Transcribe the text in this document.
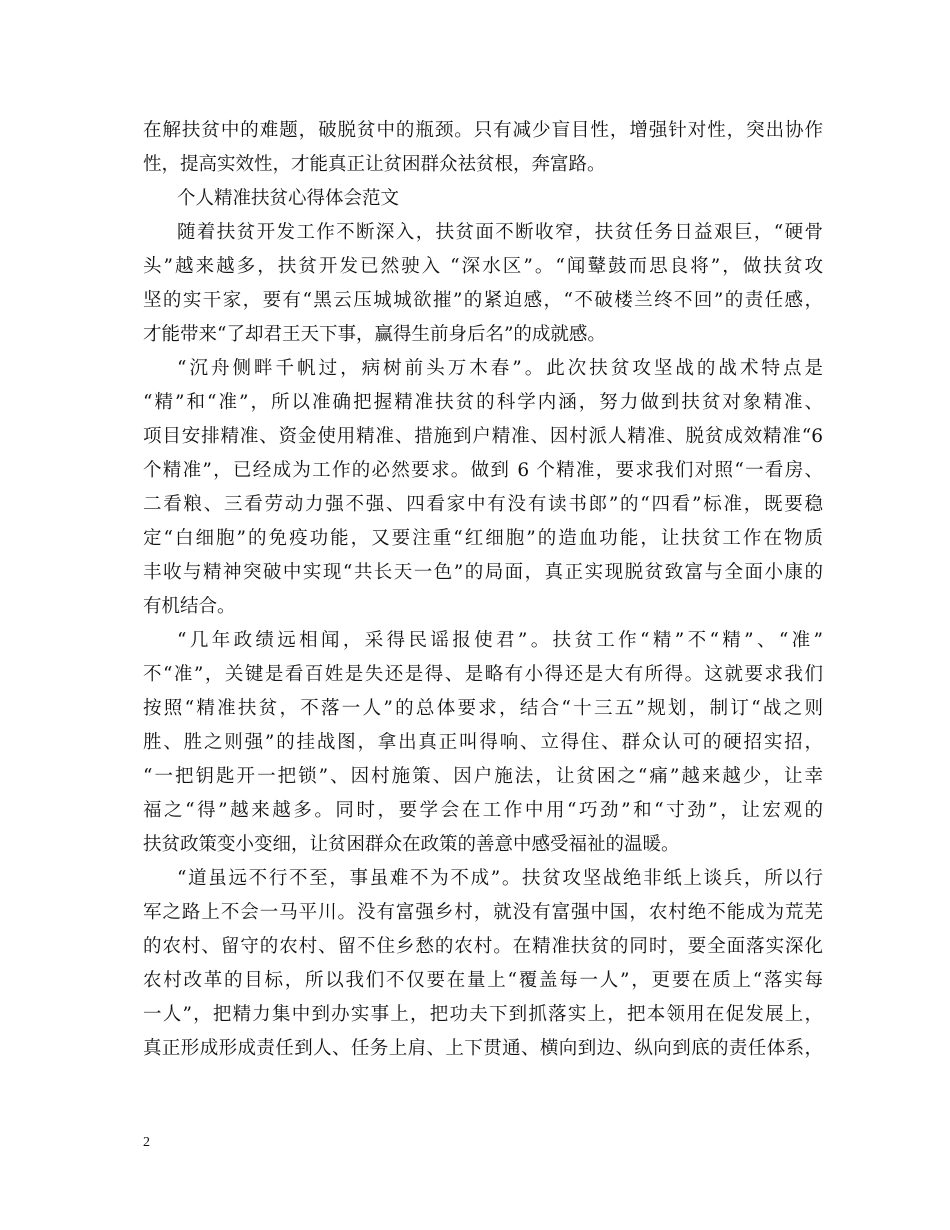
在解扶贫中的难题，破脱贫中的瓶颈。只有减少盲目性，增强针对性，突出协作
性，提高实效性，才能真正让贫困群众祛贫根，奔富路。
个人精准扶贫心得体会范文
随着扶贫开发工作不断深入，扶贫面不断收窄，扶贫任务日益艰巨，“硬骨
头”越来越多，扶贫开发已然驶入 “深水区”。“闻鼙鼓而思良将”，做扶贫攻
坚的实干家，要有“黑云压城城欲摧”的紧迫感，“不破楼兰终不回”的责任感，
才能带来“了却君王天下事，赢得生前身后名”的成就感。
“沉舟侧畔千帆过，病树前头万木春”。此次扶贫攻坚战的战术特点是
“精”和“准”，所以准确把握精准扶贫的科学内涵，努力做到扶贫对象精准、
项目安排精准、资金使用精准、措施到户精准、因村派人精准、脱贫成效精准“6
个精准”，已经成为工作的必然要求。做到 6 个精准，要求我们对照“一看房、
二看粮、三看劳动力强不强、四看家中有没有读书郎”的“四看”标准，既要稳
定“白细胞”的免疫功能，又要注重“红细胞”的造血功能，让扶贫工作在物质
丰收与精神突破中实现“共长天一色”的局面，真正实现脱贫致富与全面小康的
有机结合。
“几年政绩远相闻，采得民谣报使君”。扶贫工作“精”不“精”、“准”
不“准”，关键是看百姓是失还是得、是略有小得还是大有所得。这就要求我们
按照“精准扶贫，不落一人”的总体要求，结合“十三五”规划，制订“战之则
胜、胜之则强”的挂战图，拿出真正叫得响、立得住、群众认可的硬招实招，
“一把钥匙开一把锁”、因村施策、因户施法，让贫困之“痛”越来越少，让幸
福之“得”越来越多。同时，要学会在工作中用“巧劲”和“寸劲”，让宏观的
扶贫政策变小变细，让贫困群众在政策的善意中感受福祉的温暖。
“道虽远不行不至，事虽难不为不成”。扶贫攻坚战绝非纸上谈兵，所以行
军之路上不会一马平川。没有富强乡村，就没有富强中国，农村绝不能成为荒芜
的农村、留守的农村、留不住乡愁的农村。在精准扶贫的同时，要全面落实深化
农村改革的目标，所以我们不仅要在量上“覆盖每一人”，更要在质上“落实每
一人”，把精力集中到办实事上，把功夫下到抓落实上，把本领用在促发展上，
真正形成形成责任到人、任务上肩、上下贯通、横向到边、纵向到底的责任体系，
2
